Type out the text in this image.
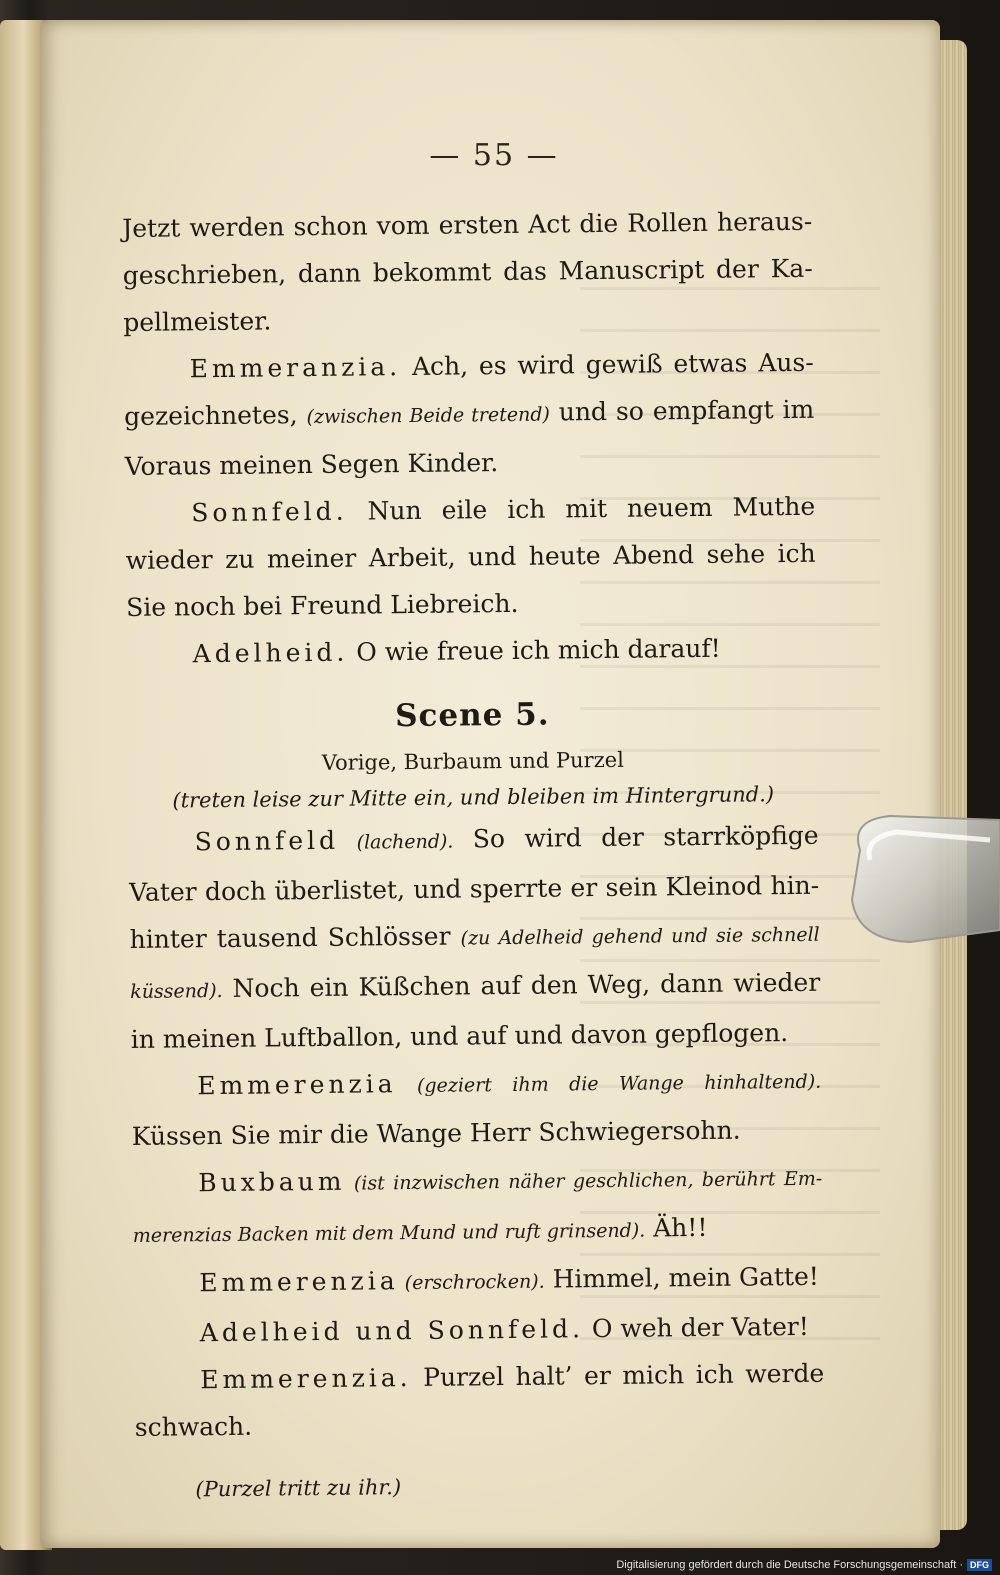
— 55 —

Jetzt werden schon vom ersten Act die Rollen herausgeschrieben, dann bekommt das Manuscript der Kapellmeister.

Emmeranzia. Ach, es wird gewiß etwas Ausgezeichnetes, (zwischen Beide tretend) und so empfangt im Voraus meinen Segen Kinder.

Sonnfeld. Nun eile ich mit neuem Muthe wieder zu meiner Arbeit, und heute Abend sehe ich Sie noch bei Freund Liebreich.

Adelheid. O wie freue ich mich darauf!

Scene 5.

Vorige, Burbaum und Purzel

(treten leise zur Mitte ein, und bleiben im Hintergrund.)

Sonnfeld (lachend). So wird der starrköpfige Vater doch überlistet, und sperrte er sein Kleinod hinhinter tausend Schlösser (zu Adelheid gehend und sie schnell küssend). Noch ein Küßchen auf den Weg, dann wieder in meinen Luftballon, und auf und davon gepflogen.

Emmerenzia (geziert ihm die Wange hinhaltend). Küssen Sie mir die Wange Herr Schwiegersohn.

Buxbaum (ist inzwischen näher geschlichen, berührt Emmerenzias Backen mit dem Mund und ruft grinsend). Äh!!

Emmerenzia (erschrocken). Himmel, mein Gatte!

Adelheid und Sonnfeld. O weh der Vater!

Emmerenzia. Purzel halt’ er mich ich werde schwach.

(Purzel tritt zu ihr.)

Digitalisierung gefördert durch die Deutsche Forschungsgemeinschaft · DFG
